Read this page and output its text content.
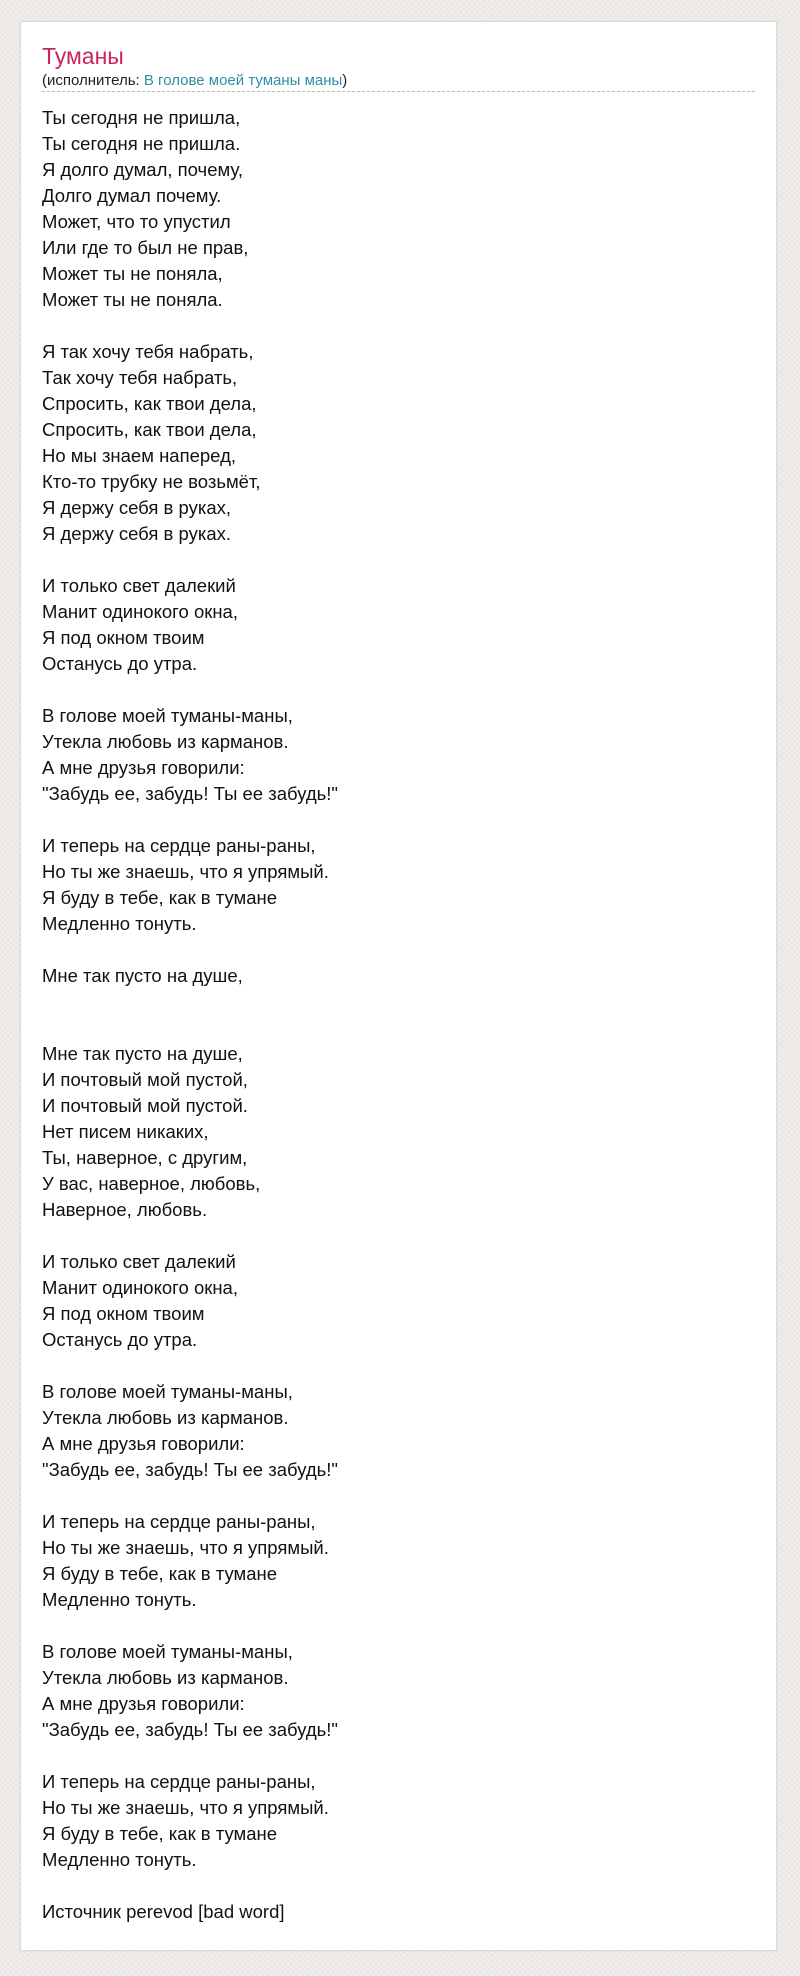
Туманы
(исполнитель: В голове моей туманы маны)
Ты сегодня не пришла,
Ты сегодня не пришла.
Я долго думал, почему,
Долго думал почему.
Может, что то упустил
Или где то был не прав,
Может ты не поняла,
Может ты не поняла.
Я так хочу тебя набрать,
Так хочу тебя набрать,
Спросить, как твои дела,
Спросить, как твои дела,
Но мы знаем наперед,
Кто-то трубку не возьмёт,
Я держу себя в руках,
Я держу себя в руках.
И только свет далекий
Манит одинокого окна,
Я под окном твоим
Останусь до утра.
В голове моей туманы-маны,
Утекла любовь из карманов.
А мне друзья говорили:
"Забудь ее, забудь! Ты ее забудь!"
И теперь на сердце раны-раны,
Но ты же знаешь, что я упрямый.
Я буду в тебе, как в тумане
Медленно тонуть.
Мне так пусто на душе,
Мне так пусто на душе,
И почтовый мой пустой,
И почтовый мой пустой.
Нет писем никаких,
Ты, наверное, с другим,
У вас, наверное, любовь,
Наверное, любовь.
И только свет далекий
Манит одинокого окна,
Я под окном твоим
Останусь до утра.
В голове моей туманы-маны,
Утекла любовь из карманов.
А мне друзья говорили:
"Забудь ее, забудь! Ты ее забудь!"
И теперь на сердце раны-раны,
Но ты же знаешь, что я упрямый.
Я буду в тебе, как в тумане
Медленно тонуть.
В голове моей туманы-маны,
Утекла любовь из карманов.
А мне друзья говорили:
"Забудь ее, забудь! Ты ее забудь!"
И теперь на сердце раны-раны,
Но ты же знаешь, что я упрямый.
Я буду в тебе, как в тумане
Медленно тонуть.
Источник perevod [bad word]
